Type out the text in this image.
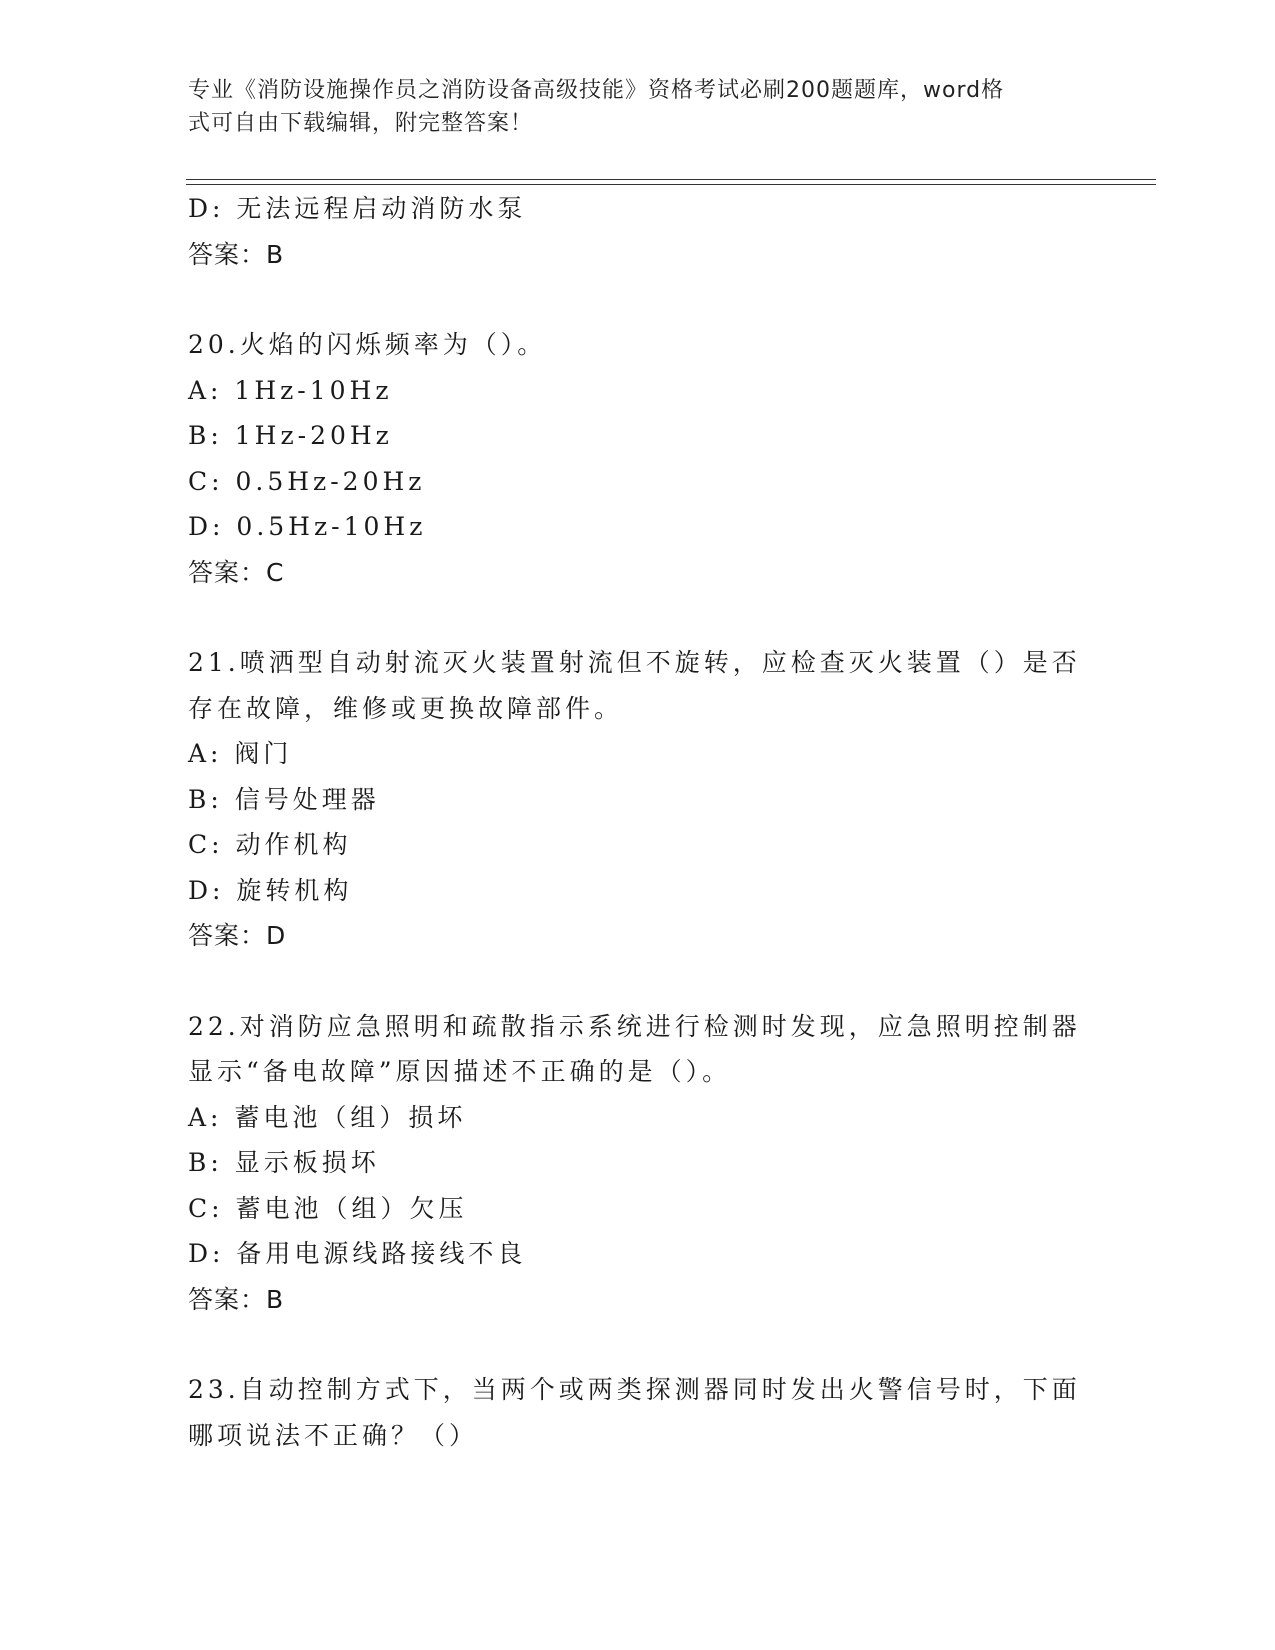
专业《消防设施操作员之消防设备高级技能》资格考试必刷200题题库，word格
式可自由下载编辑，附完整答案！
D: 无法远程启动消防水泵
答案：B
20.火焰的闪烁频率为（）。
A: 1Hz-10Hz
B: 1Hz-20Hz
C: 0.5Hz-20Hz
D: 0.5Hz-10Hz
答案：C
21.喷洒型自动射流灭火装置射流但不旋转，应检查灭火装置（）是否
存在故障，维修或更换故障部件。
A: 阀门
B: 信号处理器
C: 动作机构
D: 旋转机构
答案：D
22.对消防应急照明和疏散指示系统进行检测时发现，应急照明控制器
显示“备电故障”原因描述不正确的是（）。
A: 蓄电池（组）损坏
B: 显示板损坏
C: 蓄电池（组）欠压
D: 备用电源线路接线不良
答案：B
23.自动控制方式下，当两个或两类探测器同时发出火警信号时，下面
哪项说法不正确？（）
